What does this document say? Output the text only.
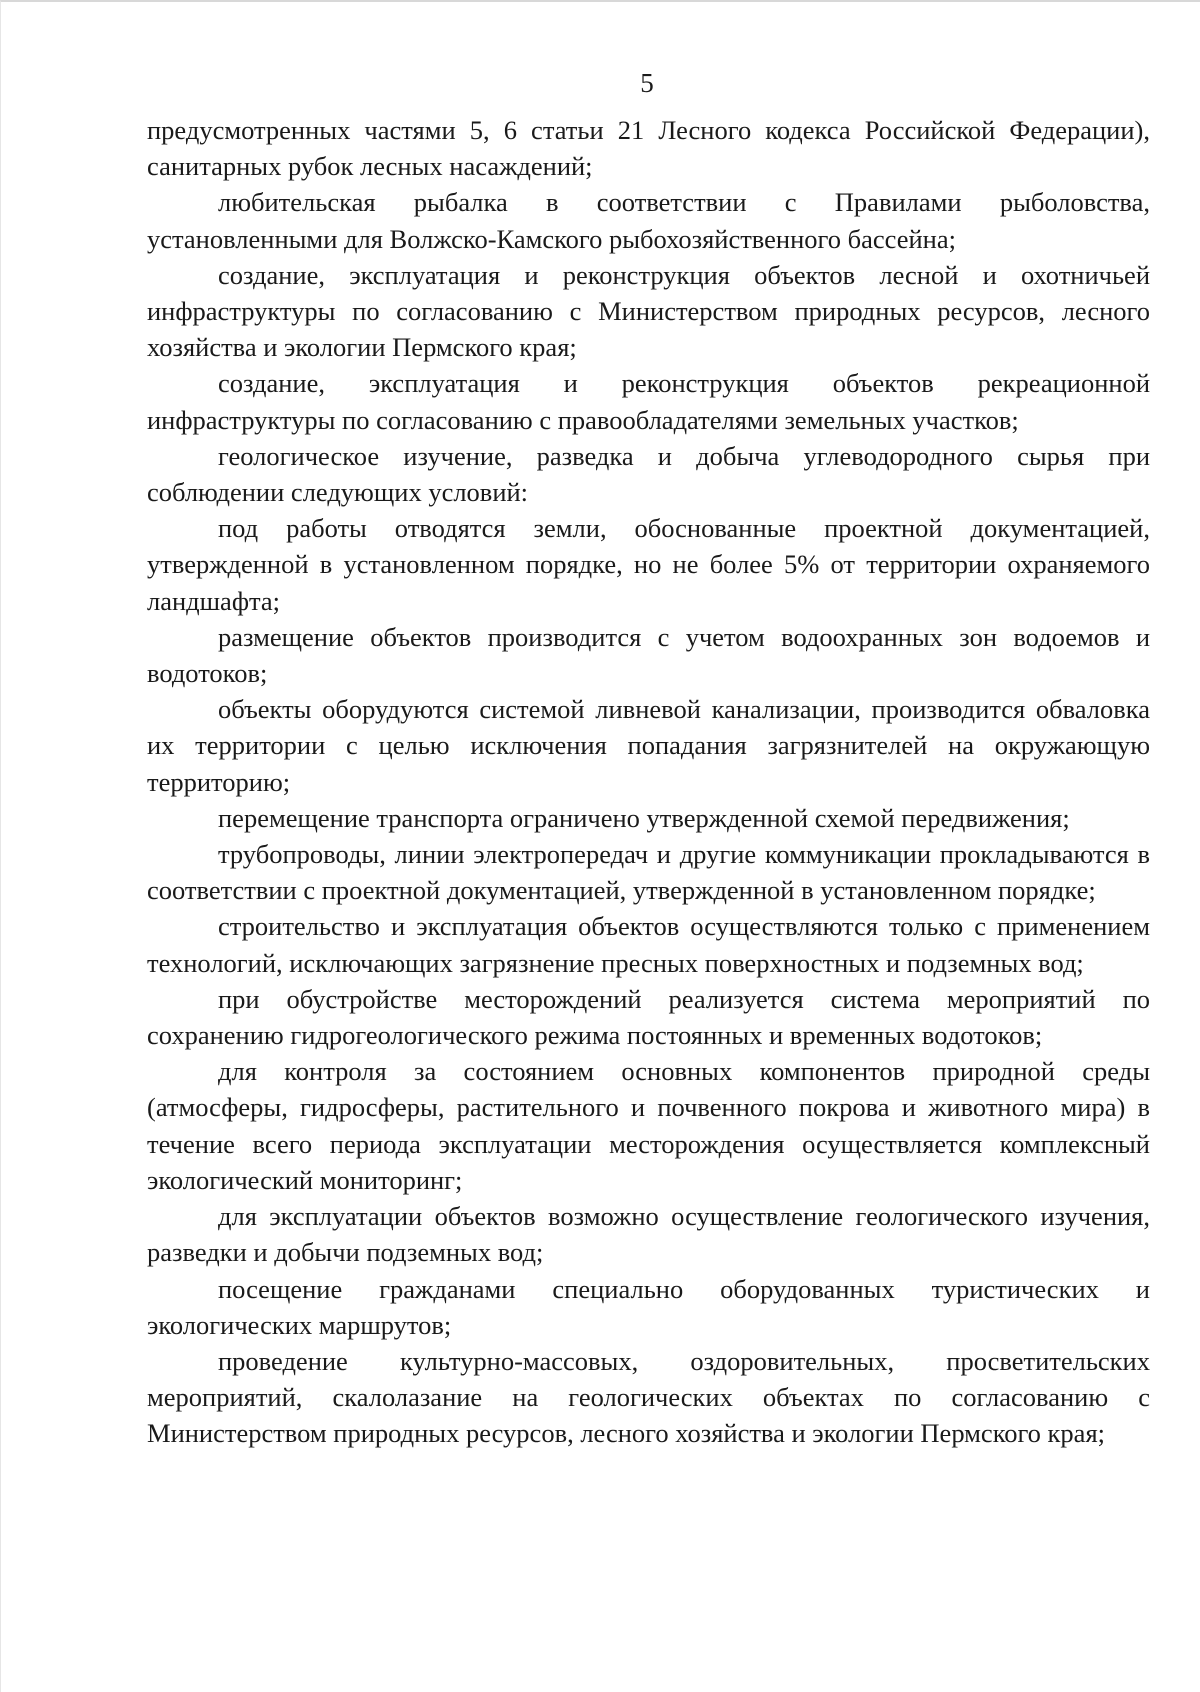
5

предусмотренных частями 5, 6 статьи 21 Лесного кодекса Российской Федерации), санитарных рубок лесных насаждений;

любительская рыбалка в соответствии с Правилами рыболовства, установленными для Волжско-Камского рыбохозяйственного бассейна;

создание, эксплуатация и реконструкция объектов лесной и охотничьей инфраструктуры по согласованию с Министерством природных ресурсов, лесного хозяйства и экологии Пермского края;

создание, эксплуатация и реконструкция объектов рекреационной инфраструктуры по согласованию с правообладателями земельных участков;

геологическое изучение, разведка и добыча углеводородного сырья при соблюдении следующих условий:

под работы отводятся земли, обоснованные проектной документацией, утвержденной в установленном порядке, но не более 5% от территории охраняемого ландшафта;

размещение объектов производится с учетом водоохранных зон водоемов и водотоков;

объекты оборудуются системой ливневой канализации, производится обваловка их территории с целью исключения попадания загрязнителей на окружающую территорию;

перемещение транспорта ограничено утвержденной схемой передвижения;

трубопроводы, линии электропередач и другие коммуникации прокладываются в соответствии с проектной документацией, утвержденной в установленном порядке;

строительство и эксплуатация объектов осуществляются только с применением технологий, исключающих загрязнение пресных поверхностных и подземных вод;

при обустройстве месторождений реализуется система мероприятий по сохранению гидрогеологического режима постоянных и временных водотоков;

для контроля за состоянием основных компонентов природной среды (атмосферы, гидросферы, растительного и почвенного покрова и животного мира) в течение всего периода эксплуатации месторождения осуществляется комплексный экологический мониторинг;

для эксплуатации объектов возможно осуществление геологического изучения, разведки и добычи подземных вод;

посещение гражданами специально оборудованных туристических и экологических маршрутов;

проведение культурно-массовых, оздоровительных, просветительских мероприятий, скалолазание на геологических объектах по согласованию с Министерством природных ресурсов, лесного хозяйства и экологии Пермского края;
